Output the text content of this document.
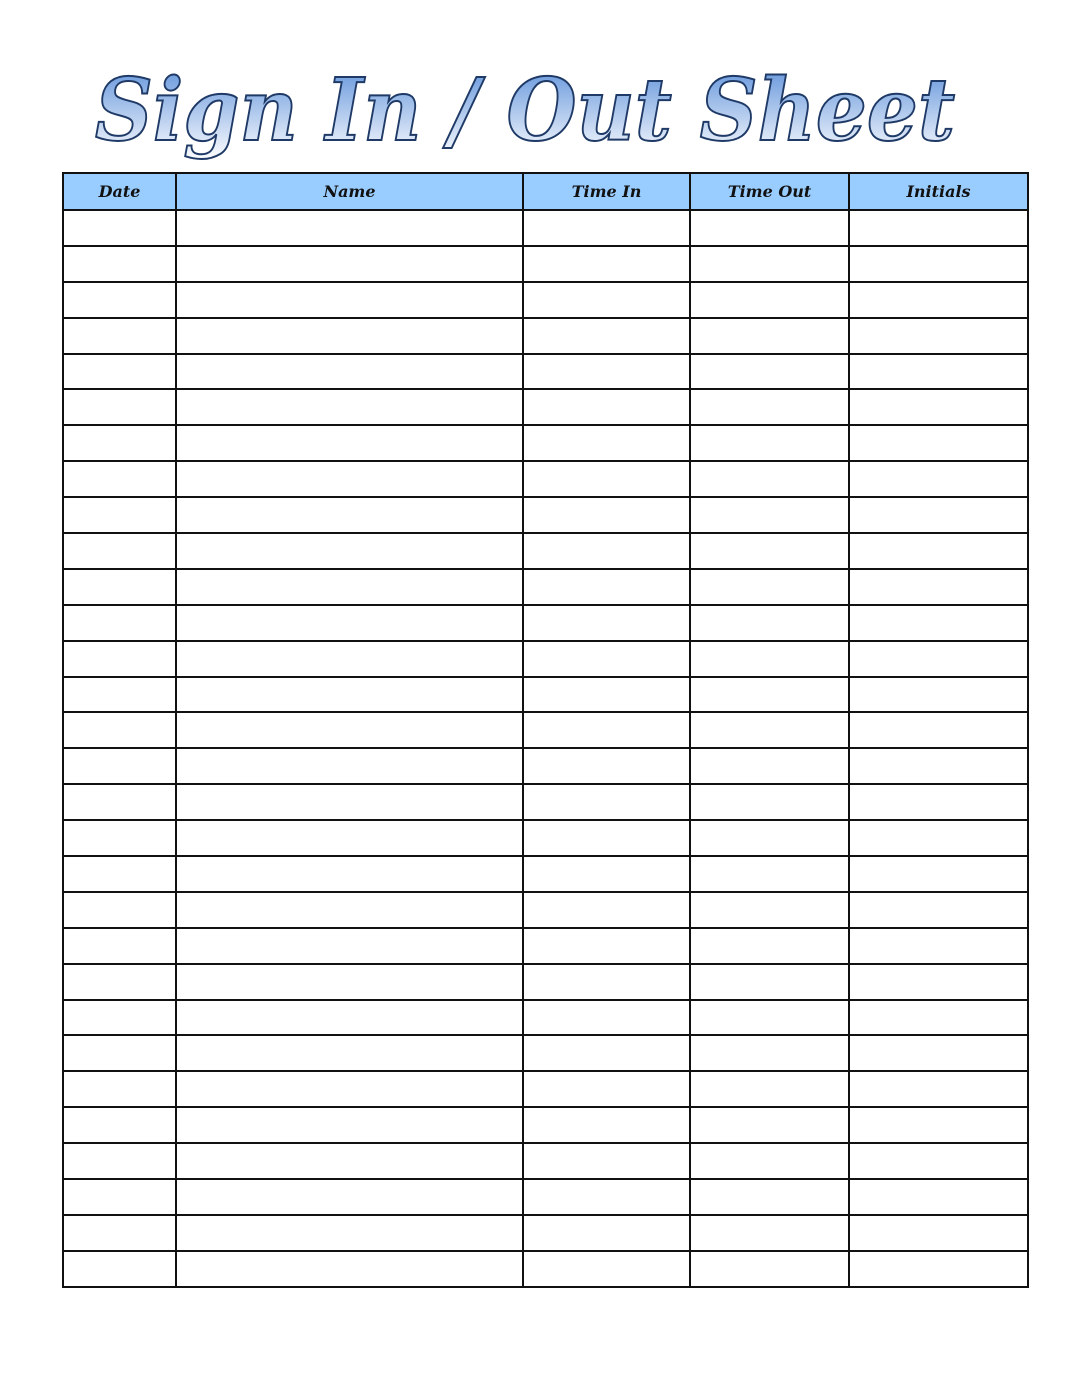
Sign In / Out Sheet
Date	Name	Time In	Time Out	Initials
